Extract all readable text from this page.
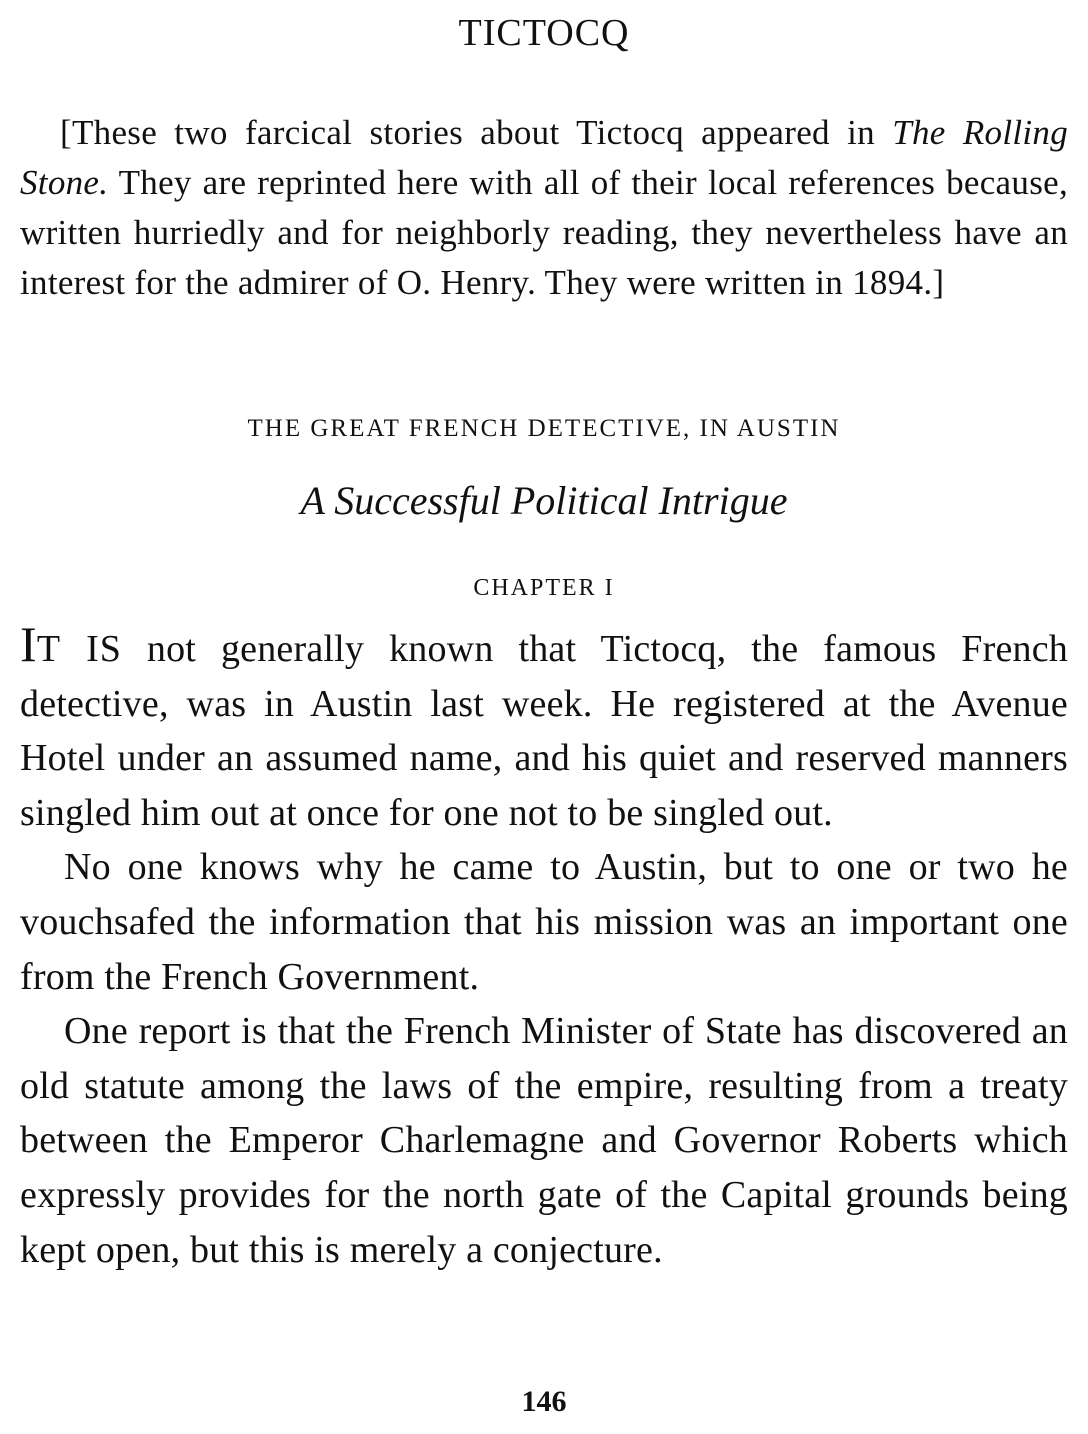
TICTOCQ

[These two farcical stories about Tictocq appeared in The Rolling Stone. They are reprinted here with all of their local references because, written hurriedly and for neighborly reading, they nevertheless have an interest for the admirer of O. Henry. They were written in 1894.]

THE GREAT FRENCH DETECTIVE, IN AUSTIN
A Successful Political Intrigue
CHAPTER I

IT IS not generally known that Tictocq, the famous French detective, was in Austin last week. He registered at the Avenue Hotel under an assumed name, and his quiet and reserved manners singled him out at once for one not to be singled out.

No one knows why he came to Austin, but to one or two he vouchsafed the information that his mission was an important one from the French Government.

One report is that the French Minister of State has discovered an old statute among the laws of the empire, resulting from a treaty between the Emperor Charlemagne and Governor Roberts which expressly provides for the north gate of the Capital grounds being kept open, but this is merely a conjecture.

146
